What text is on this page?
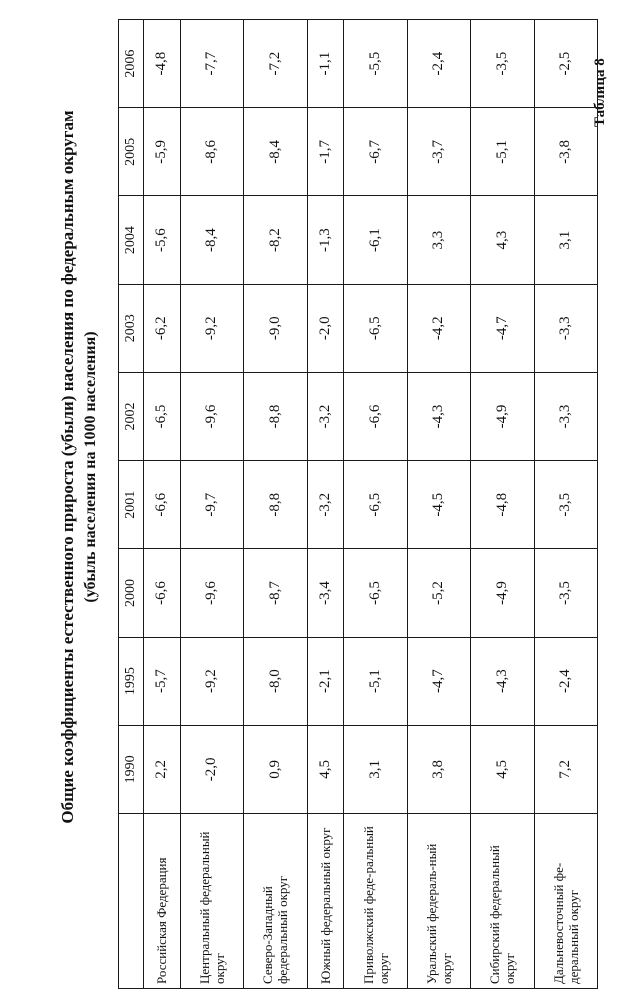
Таблица 8
Общие коэффициенты естественного прироста (убыли) населения по федеральным округам (убыль населения на 1000 населения)
	1990	1995	2000	2001	2002	2003	2004	2005	2006
Российская Федерация	2,2	-5,7	-6,6	-6,6	-6,5	-6,2	-5,6	-5,9	-4,8
Центральный федеральный округ	-2,0	-9,2	-9,6	-9,7	-9,6	-9,2	-8,4	-8,6	-7,7
Северо-Западный федеральный округ	0,9	-8,0	-8,7	-8,8	-8,8	-9,0	-8,2	-8,4	-7,2
Южный федеральный округ	4,5	-2,1	-3,4	-3,2	-3,2	-2,0	-1,3	-1,7	-1,1
Приволжский феде-ральный округ	3,1	-5,1	-6,5	-6,5	-6,6	-6,5	-6,1	-6,7	-5,5
Уральский федераль-ный округ	3,8	-4,7	-5,2	-4,5	-4,3	-4,2	3,3	-3,7	-2,4
Сибирский федеральный округ	4,5	-4,3	-4,9	-4,8	-4,9	-4,7	4,3	-5,1	-3,5
Дальневосточный фе-деральный округ	7,2	-2,4	-3,5	-3,5	-3,3	-3,3	3,1	-3,8	-2,5
